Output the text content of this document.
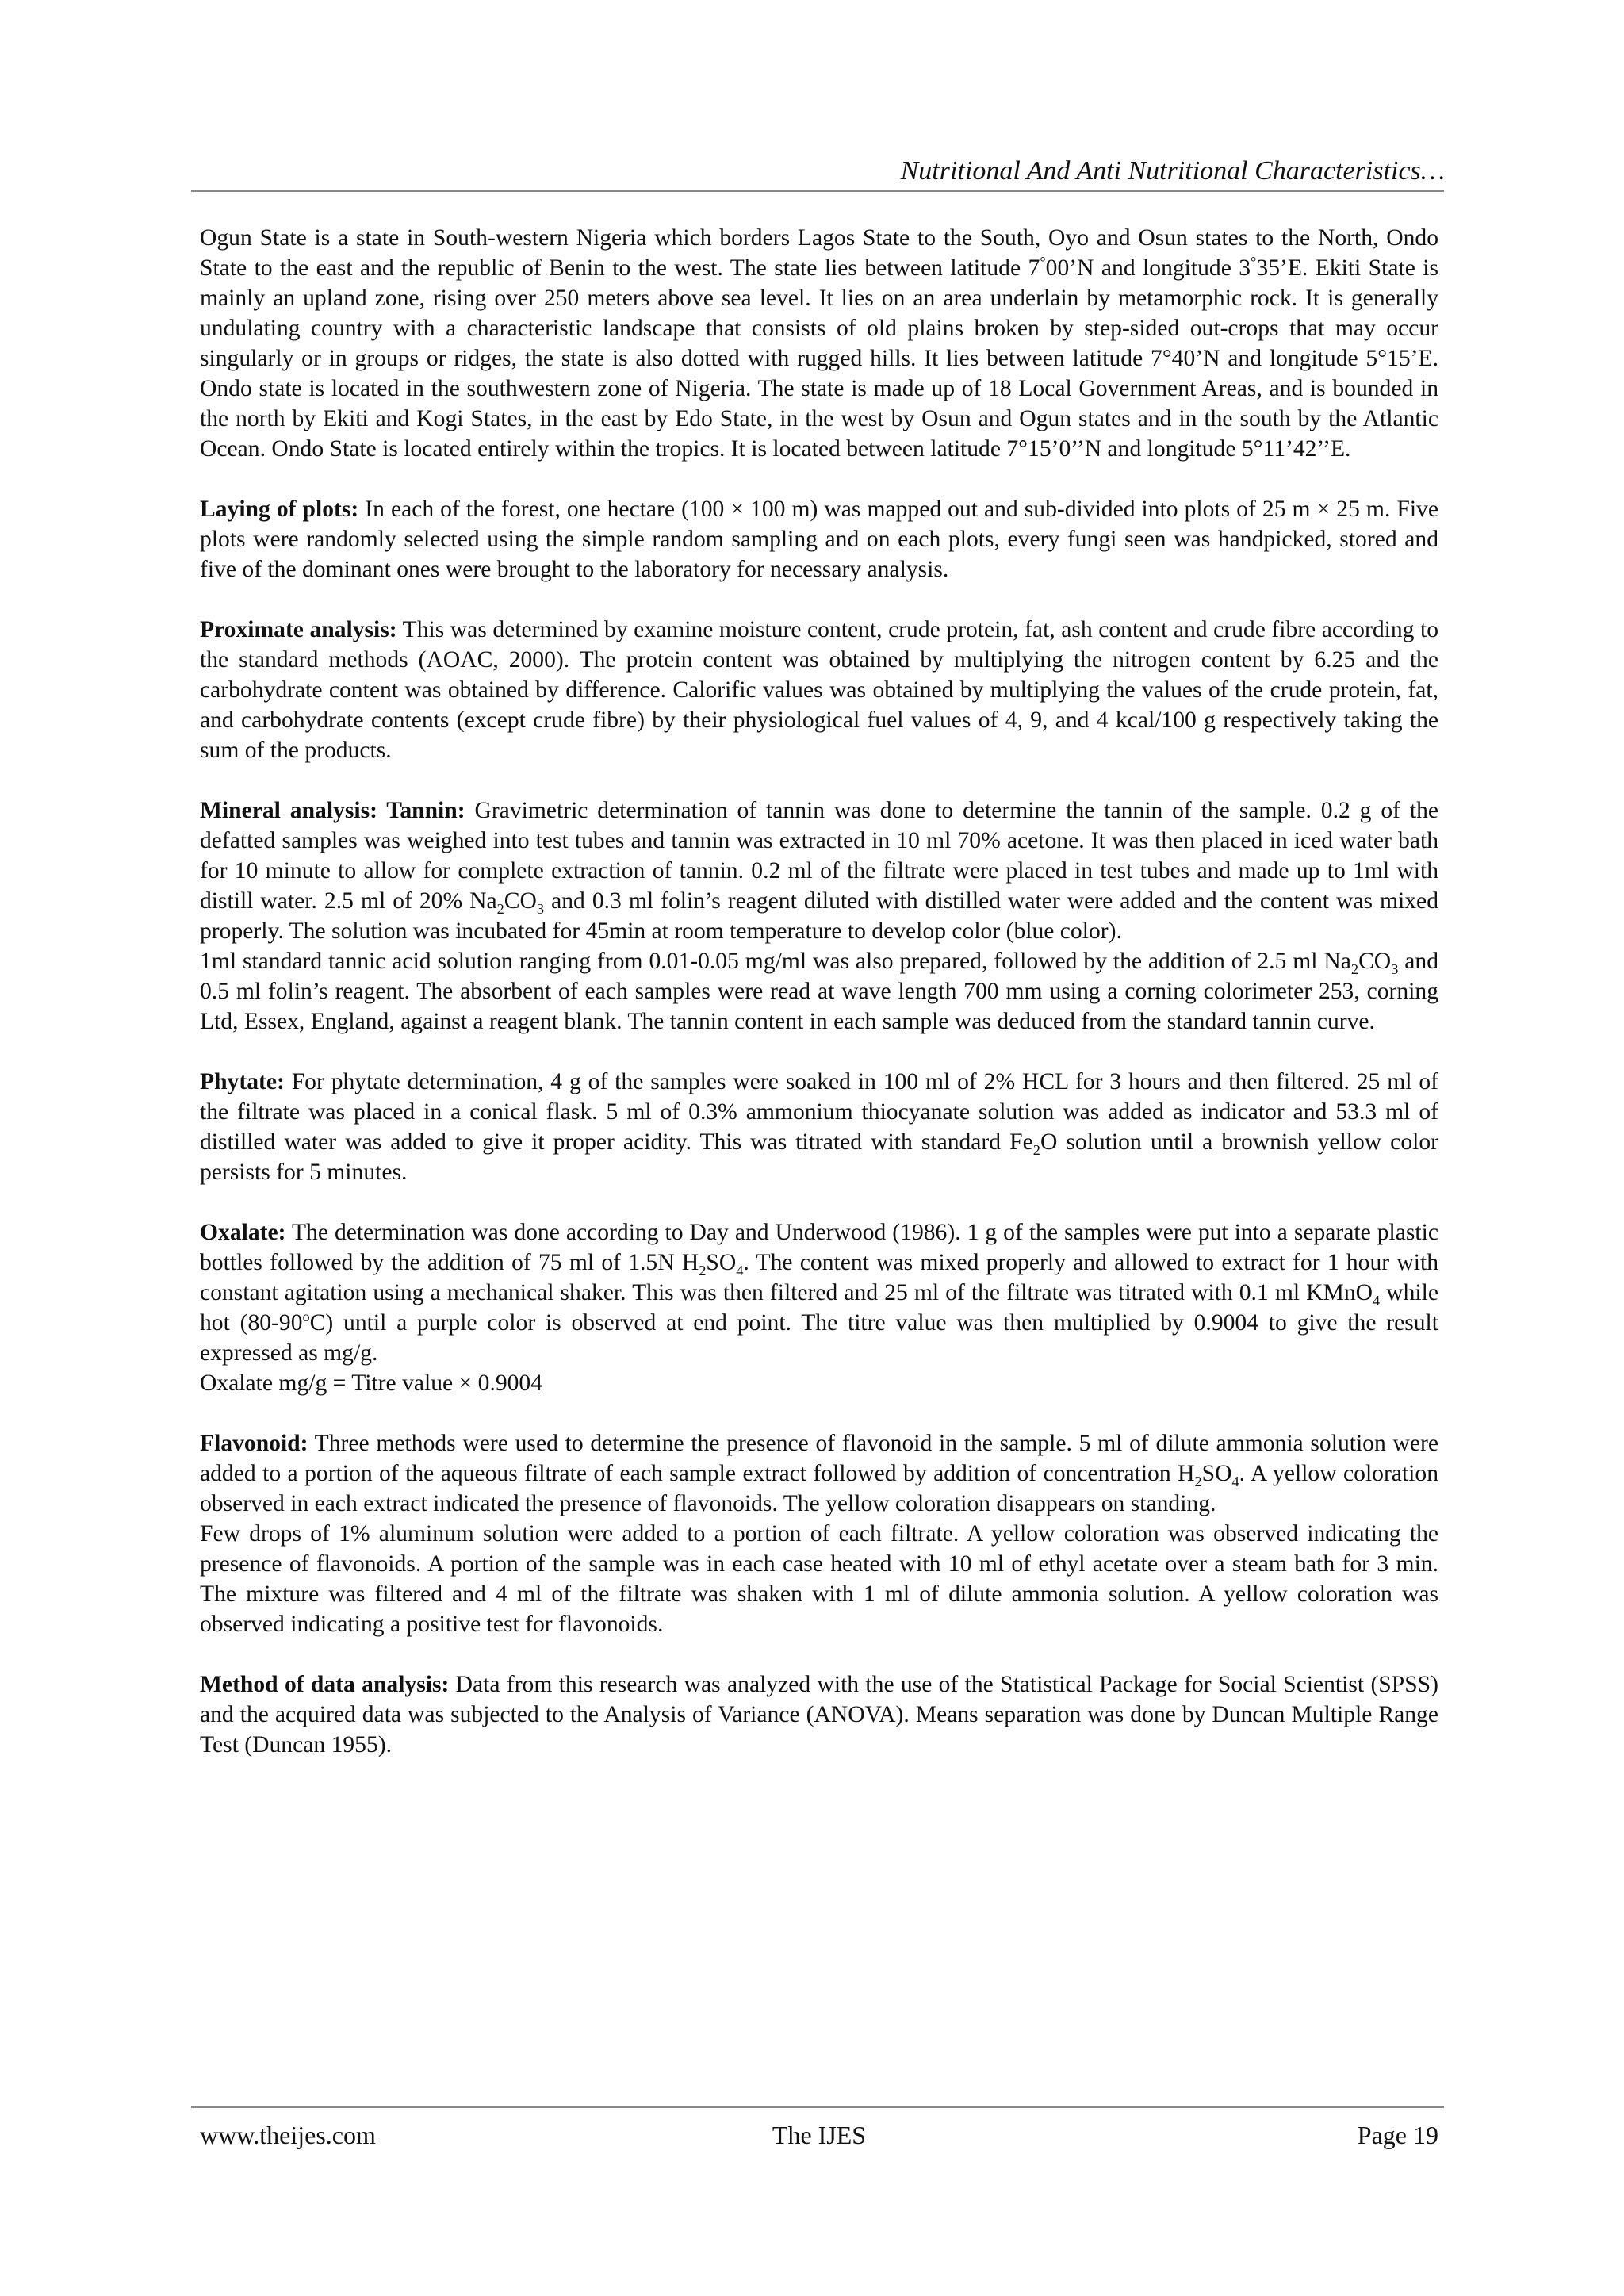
Nutritional And Anti Nutritional Characteristics…

Ogun State is a state in South-western Nigeria which borders Lagos State to the South, Oyo and Osun states to the North, Ondo State to the east and the republic of Benin to the west. The state lies between latitude 7°00’N and longitude 3°35’E. Ekiti State is mainly an upland zone, rising over 250 meters above sea level. It lies on an area underlain by metamorphic rock. It is generally undulating country with a characteristic landscape that consists of old plains broken by step-sided out-crops that may occur singularly or in groups or ridges, the state is also dotted with rugged hills. It lies between latitude 7°40’N and longitude 5°15’E. Ondo state is located in the southwestern zone of Nigeria. The state is made up of 18 Local Government Areas, and is bounded in the north by Ekiti and Kogi States, in the east by Edo State, in the west by Osun and Ogun states and in the south by the Atlantic Ocean. Ondo State is located entirely within the tropics. It is located between latitude 7°15’0’’N and longitude 5°11’42’’E.

Laying of plots: In each of the forest, one hectare (100 × 100 m) was mapped out and sub-divided into plots of 25 m × 25 m. Five plots were randomly selected using the simple random sampling and on each plots, every fungi seen was handpicked, stored and five of the dominant ones were brought to the laboratory for necessary analysis.

Proximate analysis: This was determined by examine moisture content, crude protein, fat, ash content and crude fibre according to the standard methods (AOAC, 2000). The protein content was obtained by multiplying the nitrogen content by 6.25 and the carbohydrate content was obtained by difference. Calorific values was obtained by multiplying the values of the crude protein, fat, and carbohydrate contents (except crude fibre) by their physiological fuel values of 4, 9, and 4 kcal/100 g respectively taking the sum of the products.

Mineral analysis: Tannin: Gravimetric determination of tannin was done to determine the tannin of the sample. 0.2 g of the defatted samples was weighed into test tubes and tannin was extracted in 10 ml 70% acetone. It was then placed in iced water bath for 10 minute to allow for complete extraction of tannin. 0.2 ml of the filtrate were placed in test tubes and made up to 1ml with distill water. 2.5 ml of 20% $Na_2CO_3$ and 0.3 ml folin’s reagent diluted with distilled water were added and the content was mixed properly. The solution was incubated for 45min at room temperature to develop color (blue color).

1ml standard tannic acid solution ranging from 0.01-0.05 mg/ml was also prepared, followed by the addition of 2.5 ml $Na_2CO_3$ and 0.5 ml folin’s reagent. The absorbent of each samples were read at wave length 700 mm using a corning colorimeter 253, corning Ltd, Essex, England, against a reagent blank. The tannin content in each sample was deduced from the standard tannin curve.

Phytate: For phytate determination, 4 g of the samples were soaked in 100 ml of 2% HCL for 3 hours and then filtered. 25 ml of the filtrate was placed in a conical flask. 5 ml of 0.3% ammonium thiocyanate solution was added as indicator and 53.3 ml of distilled water was added to give it proper acidity. This was titrated with standard $Fe_2O$ solution until a brownish yellow color persists for 5 minutes.

Oxalate: The determination was done according to Day and Underwood (1986). 1 g of the samples were put into a separate plastic bottles followed by the addition of 75 ml of 1.5N $H_2SO_4$. The content was mixed properly and allowed to extract for 1 hour with constant agitation using a mechanical shaker. This was then filtered and 25 ml of the filtrate was titrated with 0.1 ml KMnO$_4$ while hot (80-90$^o$C) until a purple color is observed at end point. The titre value was then multiplied by 0.9004 to give the result expressed as mg/g.

Oxalate mg/g = Titre value × 0.9004

Flavonoid: Three methods were used to determine the presence of flavonoid in the sample. 5 ml of dilute ammonia solution were added to a portion of the aqueous filtrate of each sample extract followed by addition of concentration $H_2SO_4$. A yellow coloration observed in each extract indicated the presence of flavonoids. The yellow coloration disappears on standing.

Few drops of 1% aluminum solution were added to a portion of each filtrate. A yellow coloration was observed indicating the presence of flavonoids. A portion of the sample was in each case heated with 10 ml of ethyl acetate over a steam bath for 3 min. The mixture was filtered and 4 ml of the filtrate was shaken with 1 ml of dilute ammonia solution. A yellow coloration was observed indicating a positive test for flavonoids.

Method of data analysis: Data from this research was analyzed with the use of the Statistical Package for Social Scientist (SPSS) and the acquired data was subjected to the Analysis of Variance (ANOVA). Means separation was done by Duncan Multiple Range Test (Duncan 1955).

The IJES
www.theijes.com	Page 19
